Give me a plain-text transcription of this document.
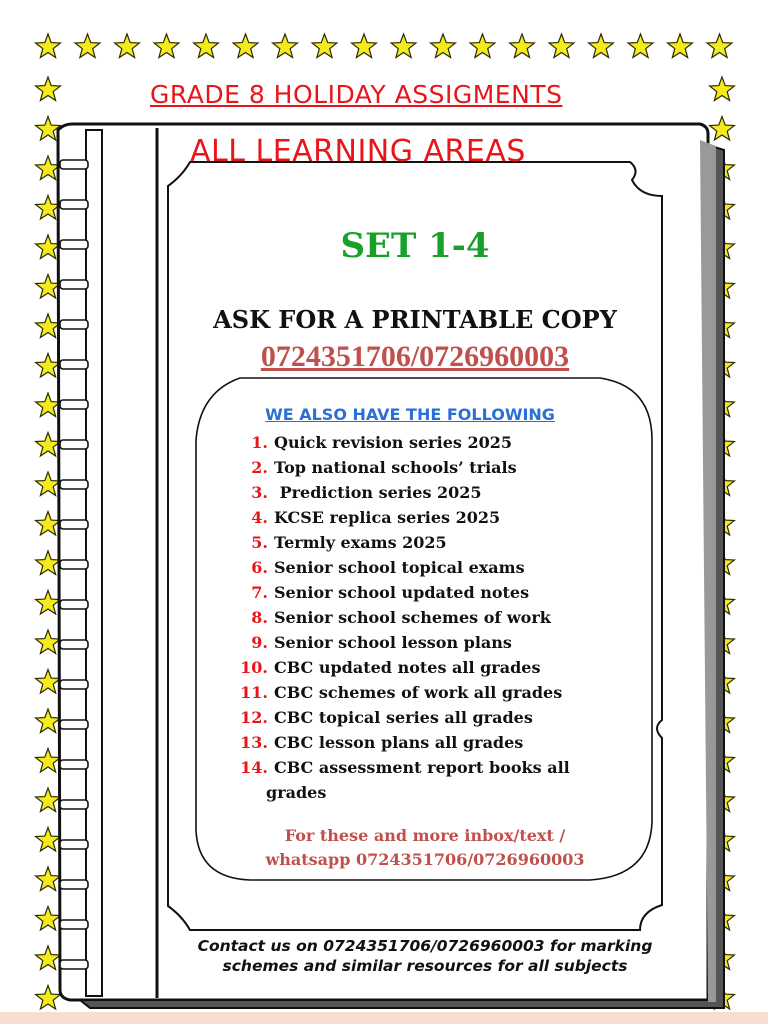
GRADE 8 HOLIDAY ASSIGMENTS
ALL LEARNING AREAS
SET 1-4
ASK FOR A PRINTABLE COPY
0724351706/0726960003
WE ALSO HAVE THE FOLLOWING
1. Quick revision series 2025
2. Top national schools’ trials
3. Prediction series 2025
4. KCSE replica series 2025
5. Termly exams 2025
6. Senior school topical exams
7. Senior school updated notes
8. Senior school schemes of work
9. Senior school lesson plans
10. CBC updated notes all grades
11. CBC schemes of work all grades
12. CBC topical series all grades
13. CBC lesson plans all grades
14. CBC assessment report books all
grades
For these and more inbox/text /
whatsapp 0724351706/0726960003
Contact us on 0724351706/0726960003 for marking
schemes and similar resources for all subjects
